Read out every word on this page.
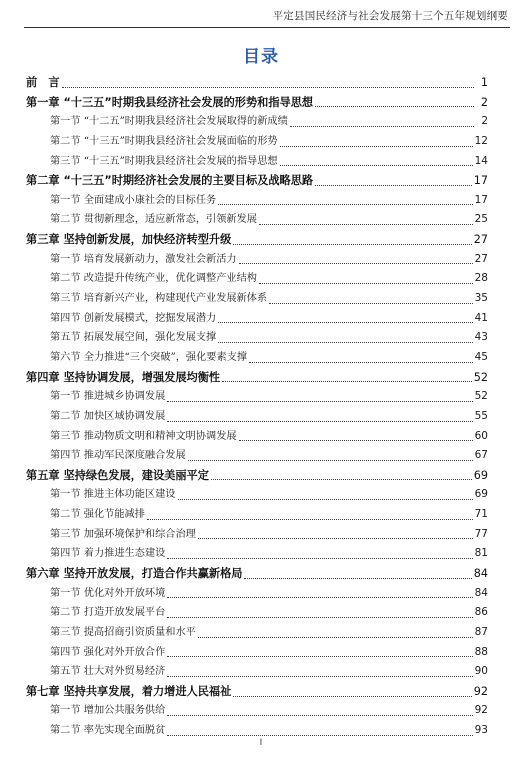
平定县国民经济与社会发展第十三个五年规划纲要
目录
前　言	1
第一章 “十三五”时期我县经济社会发展的形势和指导思想	2
第一节 “十二五”时期我县经济社会发展取得的新成绩	2
第二节 “十三五”时期我县经济社会发展面临的形势	12
第三节 “十三五”时期我县经济社会发展的指导思想	14
第二章 “十三五”时期经济社会发展的主要目标及战略思路	17
第一节 全面建成小康社会的目标任务	17
第二节 贯彻新理念，适应新常态，引领新发展	25
第三章 坚持创新发展，加快经济转型升级	27
第一节 培育发展新动力，激发社会新活力	27
第二节 改造提升传统产业，优化调整产业结构	28
第三节 培育新兴产业，构建现代产业发展新体系	35
第四节 创新发展模式，挖掘发展潜力	41
第五节 拓展发展空间，强化发展支撑	43
第六节 全力推进“三个突破”，强化要素支撑	45
第四章 坚持协调发展，增强发展均衡性	52
第一节 推进城乡协调发展	52
第二节 加快区域协调发展	55
第三节 推动物质文明和精神文明协调发展	60
第四节 推动军民深度融合发展	67
第五章 坚持绿色发展，建设美丽平定	69
第一节 推进主体功能区建设	69
第二节 强化节能减排	71
第三节 加强环境保护和综合治理	77
第四节 着力推进生态建设	81
第六章 坚持开放发展，打造合作共赢新格局	84
第一节 优化对外开放环境	84
第二节 打造开放发展平台	86
第三节 提高招商引资质量和水平	87
第四节 强化对外开放合作	88
第五节 壮大对外贸易经济	90
第七章 坚持共享发展，着力增进人民福祉	92
第一节 增加公共服务供给	92
第二节 率先实现全面脱贫	93
I
